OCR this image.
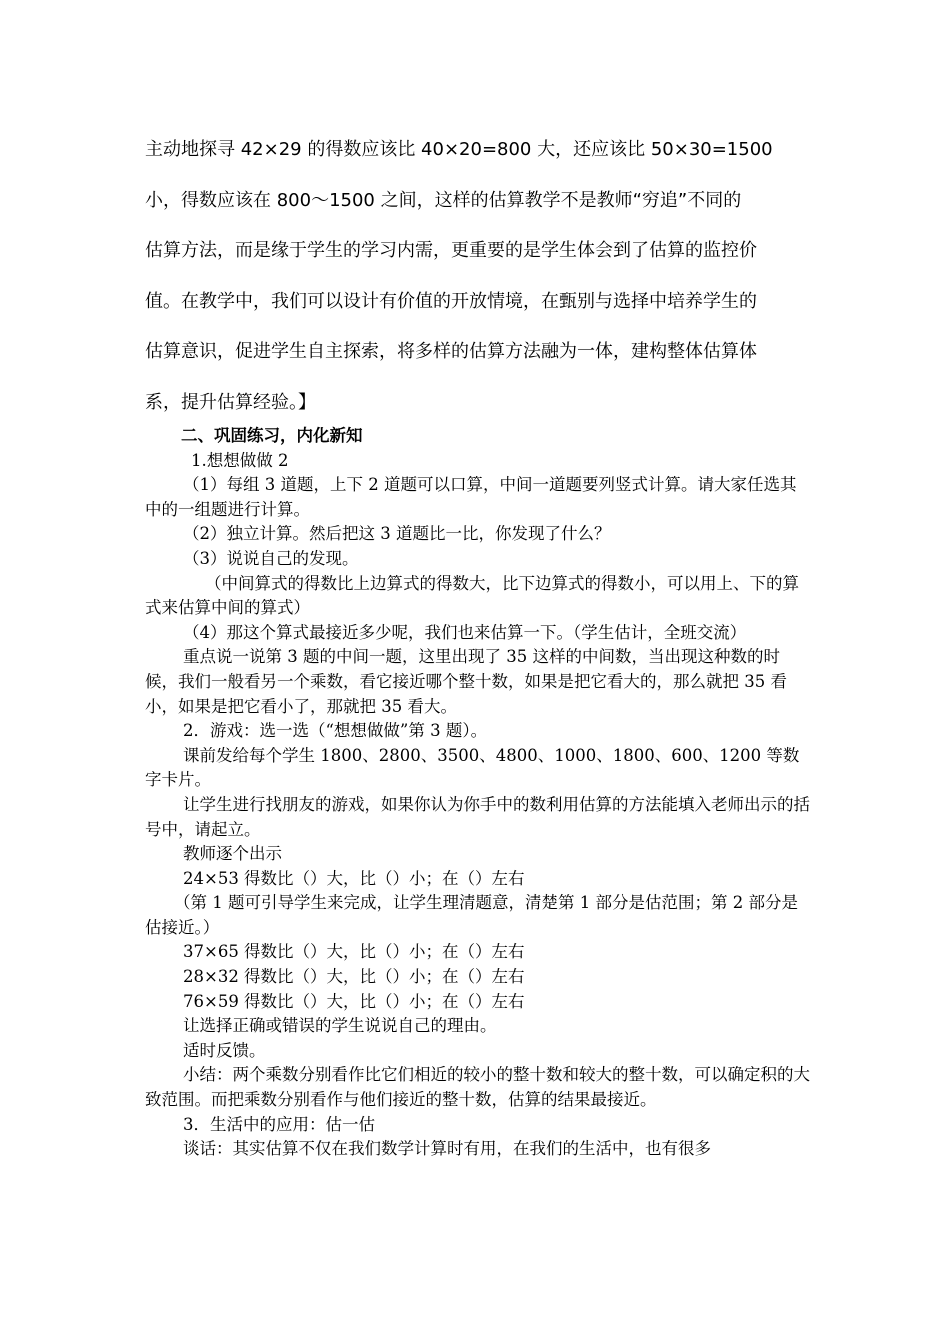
主动地探寻 42×29 的得数应该比 40×20=800 大，还应该比 50×30=1500

小，得数应该在 800～1500 之间，这样的估算教学不是教师“穷追”不同的

估算方法，而是缘于学生的学习内需，更重要的是学生体会到了估算的监控价

值。在教学中，我们可以设计有价值的开放情境，在甄别与选择中培养学生的

估算意识，促进学生自主探索，将多样的估算方法融为一体，建构整体估算体

系，提升估算经验。】

二、巩固练习，内化新知

1.想想做做 2

（1）每组 3 道题，上下 2 道题可以口算，中间一道题要列竖式计算。请大家任选其中的一组题进行计算。

（2）独立计算。然后把这 3 道题比一比，你发现了什么？

（3）说说自己的发现。

（中间算式的得数比上边算式的得数大，比下边算式的得数小，可以用上、下的算式来估算中间的算式）

（4）那这个算式最接近多少呢，我们也来估算一下。（学生估计，全班交流）

重点说一说第 3 题的中间一题，这里出现了 35 这样的中间数，当出现这种数的时候，我们一般看另一个乘数，看它接近哪个整十数，如果是把它看大的，那么就把 35 看小，如果是把它看小了，那就把 35 看大。

2．游戏：选一选（“想想做做”第 3 题）。

课前发给每个学生 1800、2800、3500、4800、1000、1800、600、1200 等数字卡片。

让学生进行找朋友的游戏，如果你认为你手中的数利用估算的方法能填入老师出示的括号中，请起立。

教师逐个出示

24×53 得数比（）大，比（）小；在（）左右

（第 1 题可引导学生来完成，让学生理清题意，清楚第 1 部分是估范围；第 2 部分是估接近。）

37×65 得数比（）大，比（）小；在（）左右

28×32 得数比（）大，比（）小；在（）左右

76×59 得数比（）大，比（）小；在（）左右

让选择正确或错误的学生说说自己的理由。

适时反馈。

小结：两个乘数分别看作比它们相近的较小的整十数和较大的整十数，可以确定积的大致范围。而把乘数分别看作与他们接近的整十数，估算的结果最接近。

3．生活中的应用：估一估

谈话：其实估算不仅在我们数学计算时有用，在我们的生活中，也有很多
